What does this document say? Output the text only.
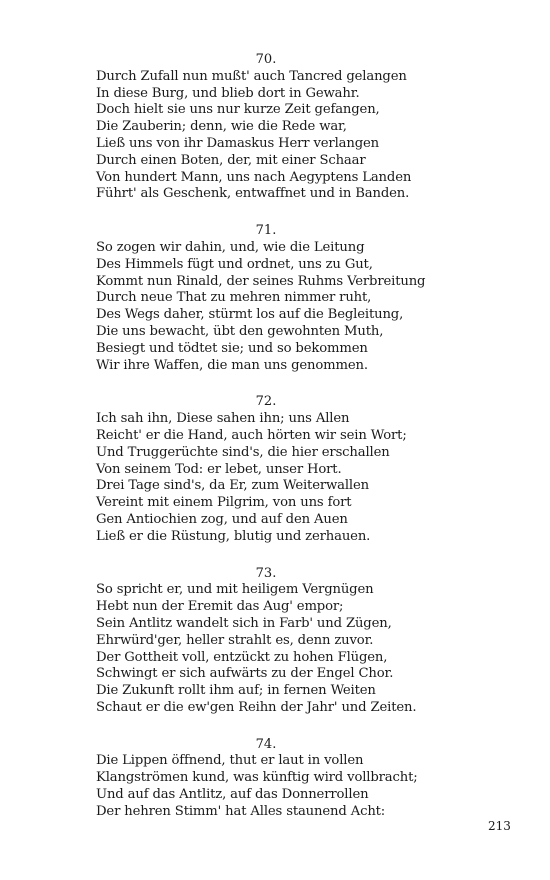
70.
Durch Zufall nun mußt' auch Tancred gelangen
In diese Burg, und blieb dort in Gewahr.
Doch hielt sie uns nur kurze Zeit gefangen,
Die Zauberin; denn, wie die Rede war,
Ließ uns von ihr Damaskus Herr verlangen
Durch einen Boten, der, mit einer Schaar
Von hundert Mann, uns nach Aegyptens Landen
Führt' als Geschenk, entwaffnet und in Banden.
71.
So zogen wir dahin, und, wie die Leitung
Des Himmels fügt und ordnet, uns zu Gut,
Kommt nun Rinald, der seines Ruhms Verbreitung
Durch neue That zu mehren nimmer ruht,
Des Wegs daher, stürmt los auf die Begleitung,
Die uns bewacht, übt den gewohnten Muth,
Besiegt und tödtet sie; und so bekommen
Wir ihre Waffen, die man uns genommen.
72.
Ich sah ihn, Diese sahen ihn; uns Allen
Reicht' er die Hand, auch hörten wir sein Wort;
Und Truggerüchte sind's, die hier erschallen
Von seinem Tod: er lebet, unser Hort.
Drei Tage sind's, da Er, zum Weiterwallen
Vereint mit einem Pilgrim, von uns fort
Gen Antiochien zog, und auf den Auen
Ließ er die Rüstung, blutig und zerhauen.
73.
So spricht er, und mit heiligem Vergnügen
Hebt nun der Eremit das Aug' empor;
Sein Antlitz wandelt sich in Farb' und Zügen,
Ehrwürd'ger, heller strahlt es, denn zuvor.
Der Gottheit voll, entzückt zu hohen Flügen,
Schwingt er sich aufwärts zu der Engel Chor.
Die Zukunft rollt ihm auf; in fernen Weiten
Schaut er die ew'gen Reihn der Jahr' und Zeiten.
74.
Die Lippen öffnend, thut er laut in vollen
Klangströmen kund, was künftig wird vollbracht;
Und auf das Antlitz, auf das Donnerrollen
Der hehren Stimm' hat Alles staunend Acht:
213
